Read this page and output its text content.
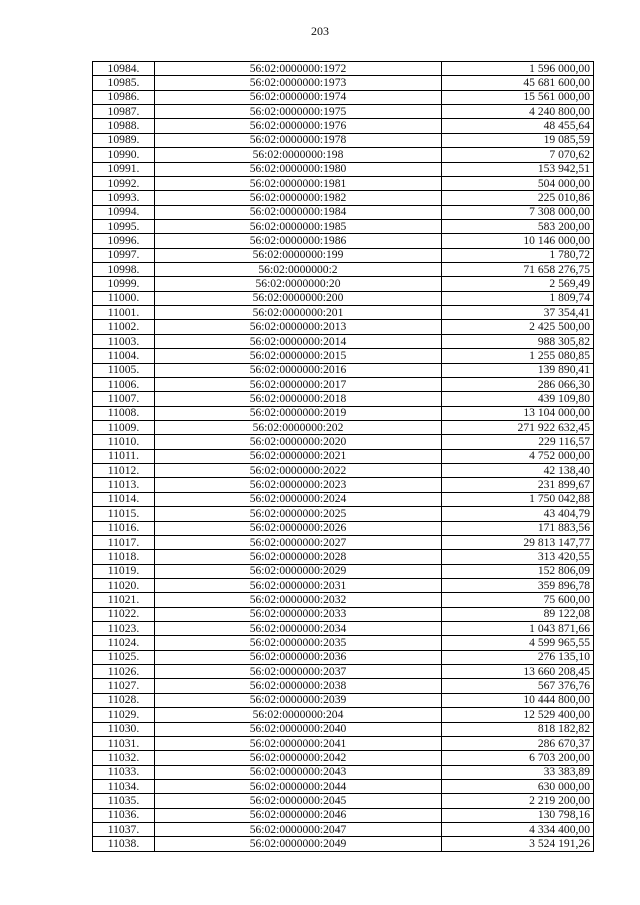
203
10984.	56:02:0000000:1972	1 596 000,00
10985.	56:02:0000000:1973	45 681 600,00
10986.	56:02:0000000:1974	15 561 000,00
10987.	56:02:0000000:1975	4 240 800,00
10988.	56:02:0000000:1976	48 455,64
10989.	56:02:0000000:1978	19 085,59
10990.	56:02:0000000:198	7 070,62
10991.	56:02:0000000:1980	153 942,51
10992.	56:02:0000000:1981	504 000,00
10993.	56:02:0000000:1982	225 010,86
10994.	56:02:0000000:1984	7 308 000,00
10995.	56:02:0000000:1985	583 200,00
10996.	56:02:0000000:1986	10 146 000,00
10997.	56:02:0000000:199	1 780,72
10998.	56:02:0000000:2	71 658 276,75
10999.	56:02:0000000:20	2 569,49
11000.	56:02:0000000:200	1 809,74
11001.	56:02:0000000:201	37 354,41
11002.	56:02:0000000:2013	2 425 500,00
11003.	56:02:0000000:2014	988 305,82
11004.	56:02:0000000:2015	1 255 080,85
11005.	56:02:0000000:2016	139 890,41
11006.	56:02:0000000:2017	286 066,30
11007.	56:02:0000000:2018	439 109,80
11008.	56:02:0000000:2019	13 104 000,00
11009.	56:02:0000000:202	271 922 632,45
11010.	56:02:0000000:2020	229 116,57
11011.	56:02:0000000:2021	4 752 000,00
11012.	56:02:0000000:2022	42 138,40
11013.	56:02:0000000:2023	231 899,67
11014.	56:02:0000000:2024	1 750 042,88
11015.	56:02:0000000:2025	43 404,79
11016.	56:02:0000000:2026	171 883,56
11017.	56:02:0000000:2027	29 813 147,77
11018.	56:02:0000000:2028	313 420,55
11019.	56:02:0000000:2029	152 806,09
11020.	56:02:0000000:2031	359 896,78
11021.	56:02:0000000:2032	75 600,00
11022.	56:02:0000000:2033	89 122,08
11023.	56:02:0000000:2034	1 043 871,66
11024.	56:02:0000000:2035	4 599 965,55
11025.	56:02:0000000:2036	276 135,10
11026.	56:02:0000000:2037	13 660 208,45
11027.	56:02:0000000:2038	567 376,76
11028.	56:02:0000000:2039	10 444 800,00
11029.	56:02:0000000:204	12 529 400,00
11030.	56:02:0000000:2040	818 182,82
11031.	56:02:0000000:2041	286 670,37
11032.	56:02:0000000:2042	6 703 200,00
11033.	56:02:0000000:2043	33 383,89
11034.	56:02:0000000:2044	630 000,00
11035.	56:02:0000000:2045	2 219 200,00
11036.	56:02:0000000:2046	130 798,16
11037.	56:02:0000000:2047	4 334 400,00
11038.	56:02:0000000:2049	3 524 191,26
